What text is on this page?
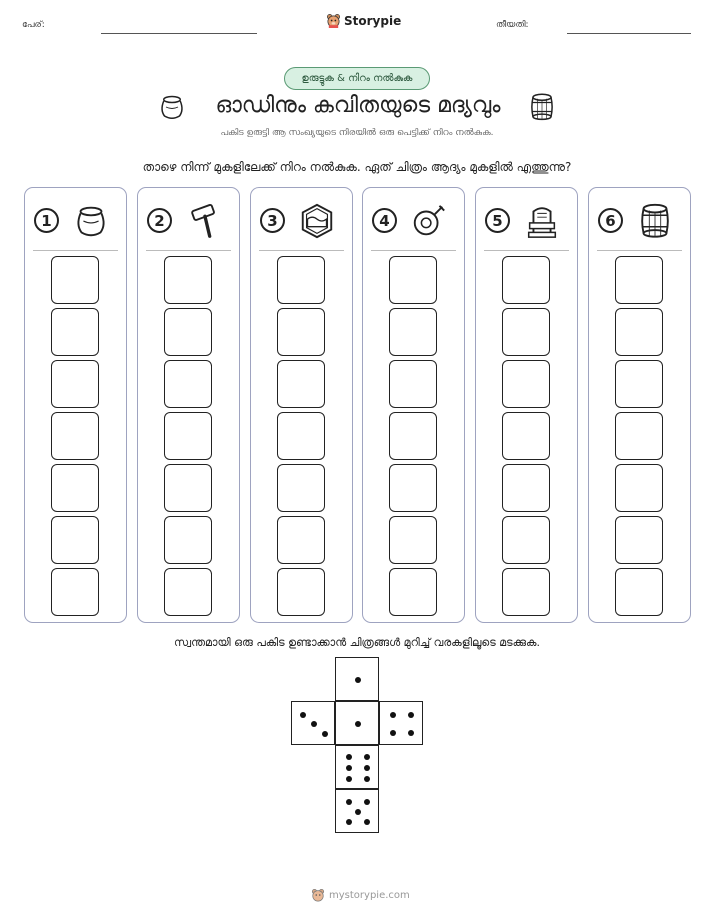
പേര്:	Storypie	തീയതി:
ഉരുട്ടുക & നിറം നൽകുക
ഓഡിനും കവിതയുടെ മദ്യവും
പകിട ഉരുട്ടി ആ സംഖ്യയുടെ നിരയിൽ ഒരു പെട്ടിക്ക് നിറം നൽകുക.
താഴെ നിന്ന് മുകളിലേക്ക് നിറം നൽകുക. ഏത് ചിത്രം ആദ്യം മുകളിൽ എത്തുന്നു?
1	2	3	4	5	6
സ്വന്തമായി ഒരു പകിട ഉണ്ടാക്കാൻ ചിത്രങ്ങൾ മുറിച്ച് വരകളിലൂടെ മടക്കുക.
mystorypie.com
